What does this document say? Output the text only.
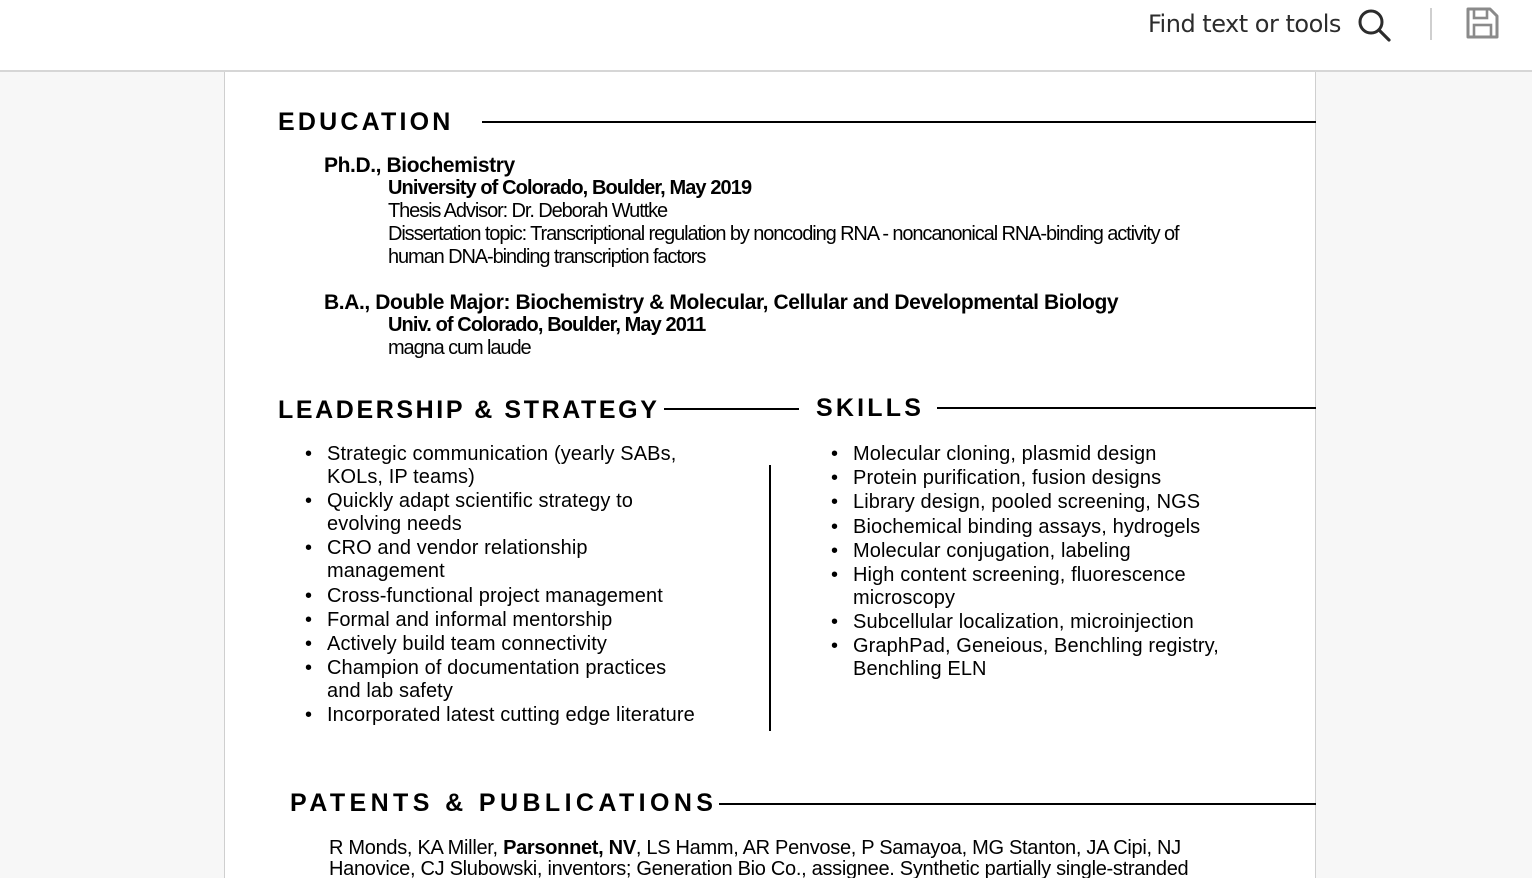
Find text or tools
EDUCATION
Ph.D., Biochemistry
University of Colorado, Boulder, May 2019
Thesis Advisor: Dr. Deborah Wuttke
Dissertation topic: Transcriptional regulation by noncoding RNA - noncanonical RNA-binding activity of human DNA-binding transcription factors
B.A., Double Major: Biochemistry & Molecular, Cellular and Developmental Biology
Univ. of Colorado, Boulder, May 2011
magna cum laude
LEADERSHIP & STRATEGY
• Strategic communication (yearly SABs, KOLs, IP teams)
• Quickly adapt scientific strategy to evolving needs
• CRO and vendor relationship management
• Cross-functional project management
• Formal and informal mentorship
• Actively build team connectivity
• Champion of documentation practices and lab safety
• Incorporated latest cutting edge literature
SKILLS
• Molecular cloning, plasmid design
• Protein purification, fusion designs
• Library design, pooled screening, NGS
• Biochemical binding assays, hydrogels
• Molecular conjugation, labeling
• High content screening, fluorescence microscopy
• Subcellular localization, microinjection
• GraphPad, Geneious, Benchling registry, Benchling ELN
PATENTS & PUBLICATIONS
R Monds, KA Miller, Parsonnet, NV, LS Hamm, AR Penvose, P Samayoa, MG Stanton, JA Cipi, NJ Hanovice, CJ Slubowski, inventors; Generation Bio Co., assignee. Synthetic partially single-stranded
